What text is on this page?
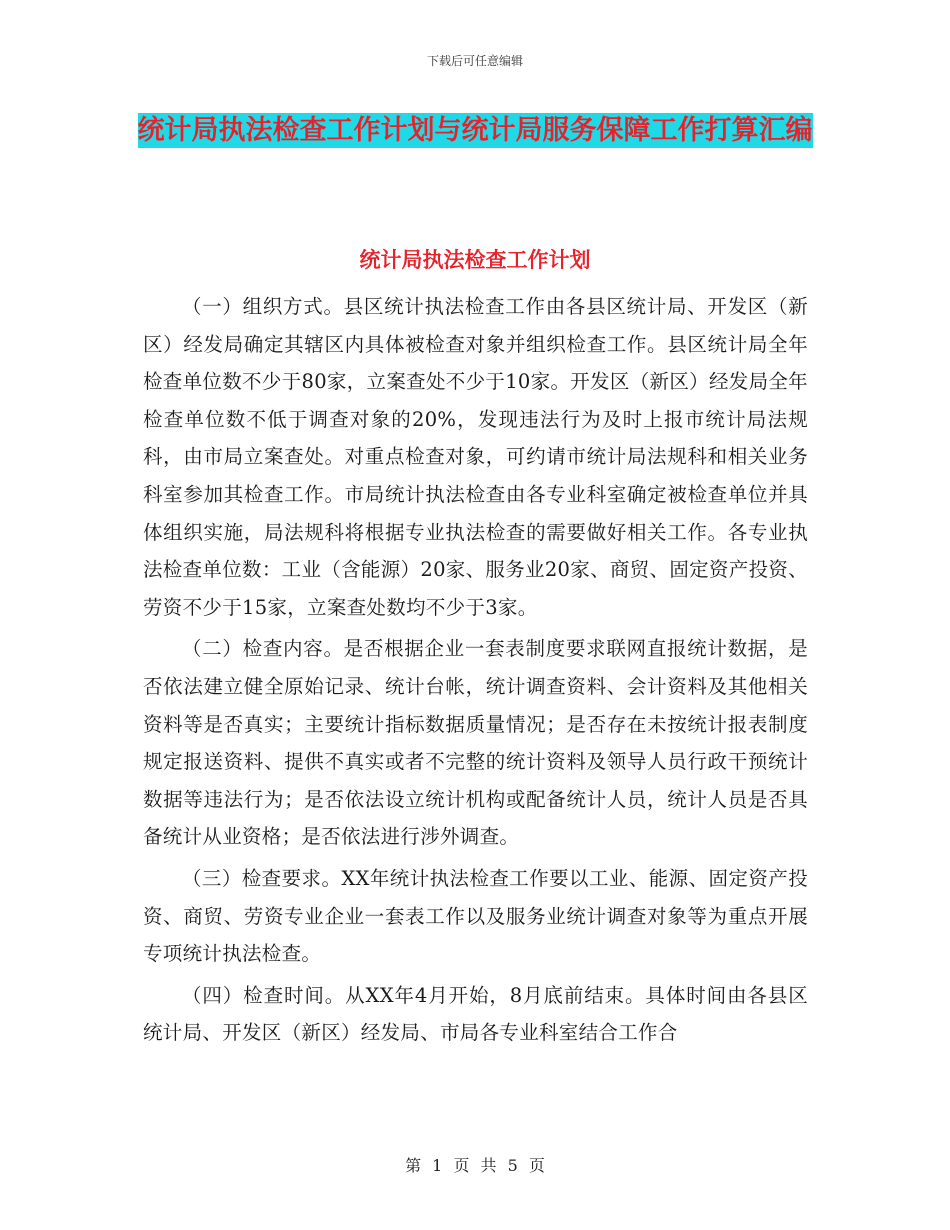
下载后可任意编辑
统计局执法检查工作计划与统计局服务保障工作打算汇编
统计局执法检查工作计划

（一）组织方式。县区统计执法检查工作由各县区统计局、开发区（新区）经发局确定其辖区内具体被检查对象并组织检查工作。县区统计局全年检查单位数不少于80家，立案查处不少于10家。开发区（新区）经发局全年检查单位数不低于调查对象的20%，发现违法行为及时上报市统计局法规科，由市局立案查处。对重点检查对象，可约请市统计局法规科和相关业务科室参加其检查工作。市局统计执法检查由各专业科室确定被检查单位并具体组织实施，局法规科将根据专业执法检查的需要做好相关工作。各专业执法检查单位数：工业（含能源）20家、服务业20家、商贸、固定资产投资、劳资不少于15家，立案查处数均不少于3家。

（二）检查内容。是否根据企业一套表制度要求联网直报统计数据，是否依法建立健全原始记录、统计台帐，统计调查资料、会计资料及其他相关资料等是否真实；主要统计指标数据质量情况；是否存在未按统计报表制度规定报送资料、提供不真实或者不完整的统计资料及领导人员行政干预统计数据等违法行为；是否依法设立统计机构或配备统计人员，统计人员是否具备统计从业资格；是否依法进行涉外调查。

（三）检查要求。XX年统计执法检查工作要以工业、能源、固定资产投资、商贸、劳资专业企业一套表工作以及服务业统计调查对象等为重点开展专项统计执法检查。

（四）检查时间。从XX年4月开始，8月底前结束。具体时间由各县区统计局、开发区（新区）经发局、市局各专业科室结合工作合

第 1 页 共 5 页
